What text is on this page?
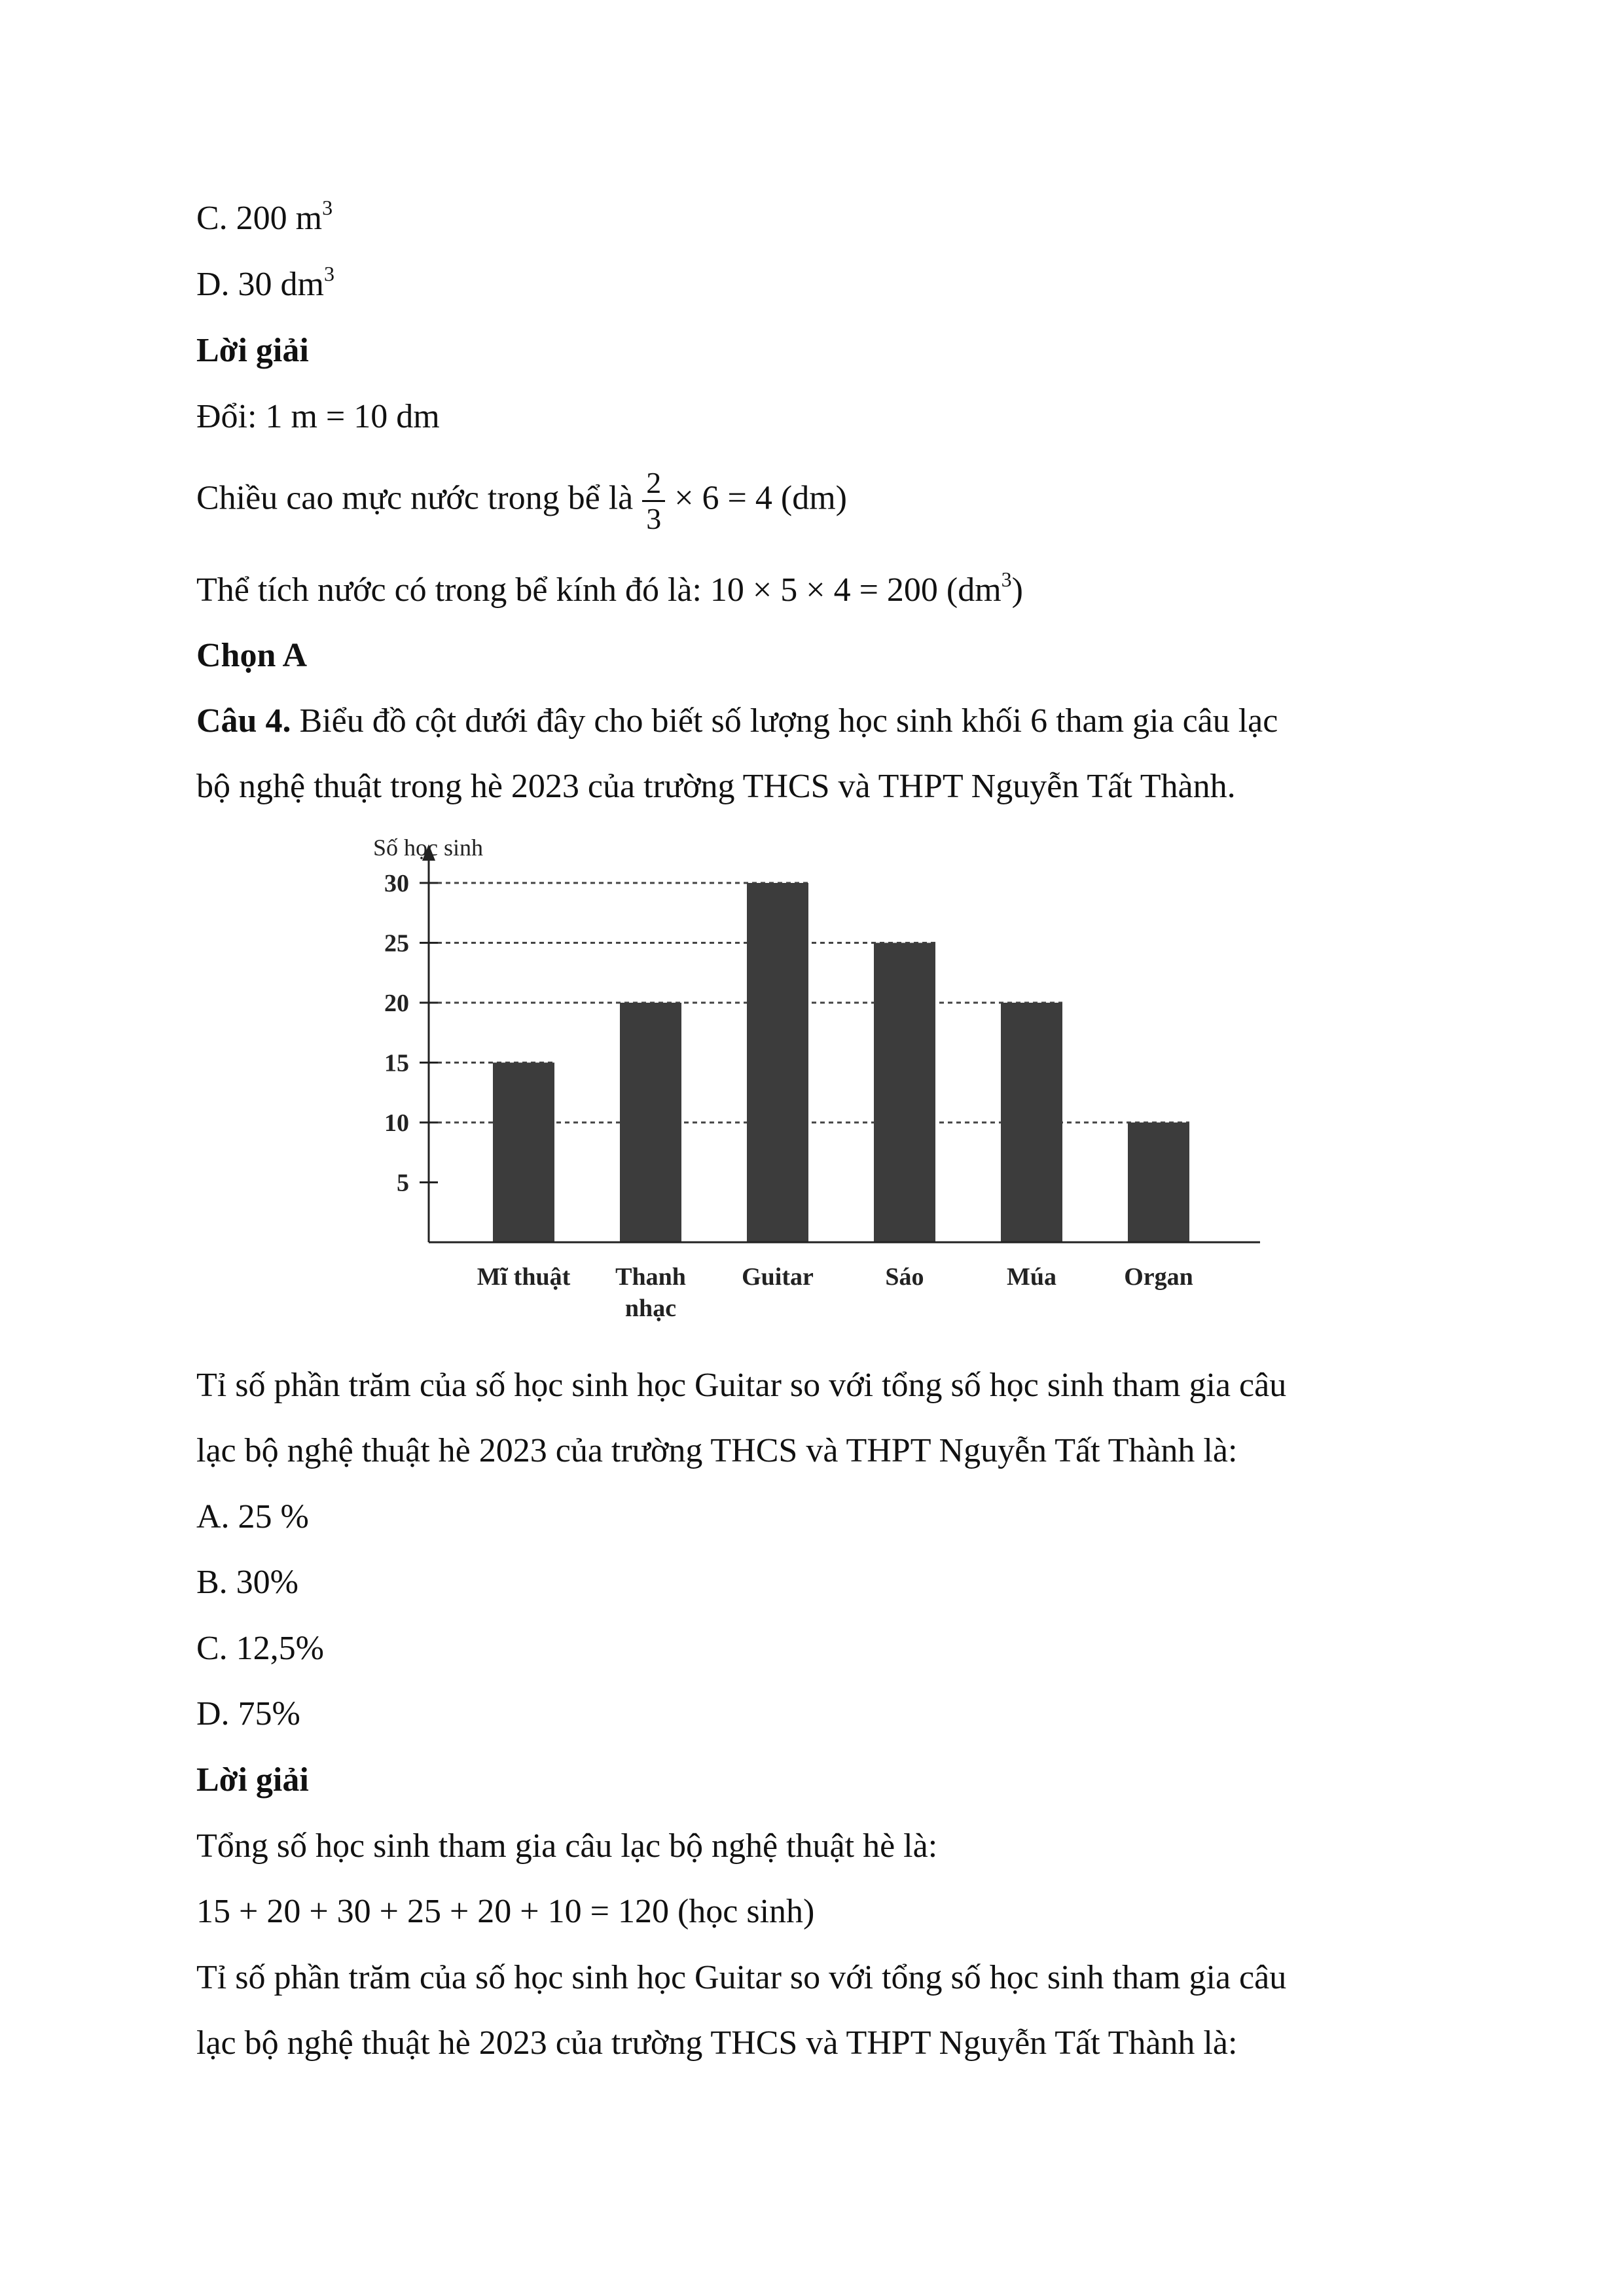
C. 200 $m^3$
D. 30 $dm^3$
Lời giải
Đổi: 1 m = 10 dm
Chiều cao mực nước trong bể là $\frac{2}{3} \times 6 = 4$ (dm)
Thể tích nước có trong bể kính đó là: 10 × 5 × 4 = 200 $(dm^3)$
Chọn A
Câu 4. Biểu đồ cột dưới đây cho biết số lượng học sinh khối 6 tham gia câu lạc
bộ nghệ thuật trong hè 2023 của trường THCS và THPT Nguyễn Tất Thành.
5
10
15
20
25
30
Số học sinh
Mĩ thuật Thanh
nhạc
Guitar	Sáo	Múa	Organ
Tỉ số phần trăm của số học sinh học Guitar so với tổng số học sinh tham gia câu
lạc bộ nghệ thuật hè 2023 của trường THCS và THPT Nguyễn Tất Thành là:
A. 25 %
B. 30%
C. 12,5%
D. 75%
Lời giải
Tổng số học sinh tham gia câu lạc bộ nghệ thuật hè là:
15 + 20 + 30 + 25 + 20 + 10 = 120 (học sinh)
Tỉ số phần trăm của số học sinh học Guitar so với tổng số học sinh tham gia câu
lạc bộ nghệ thuật hè 2023 của trường THCS và THPT Nguyễn Tất Thành là:
